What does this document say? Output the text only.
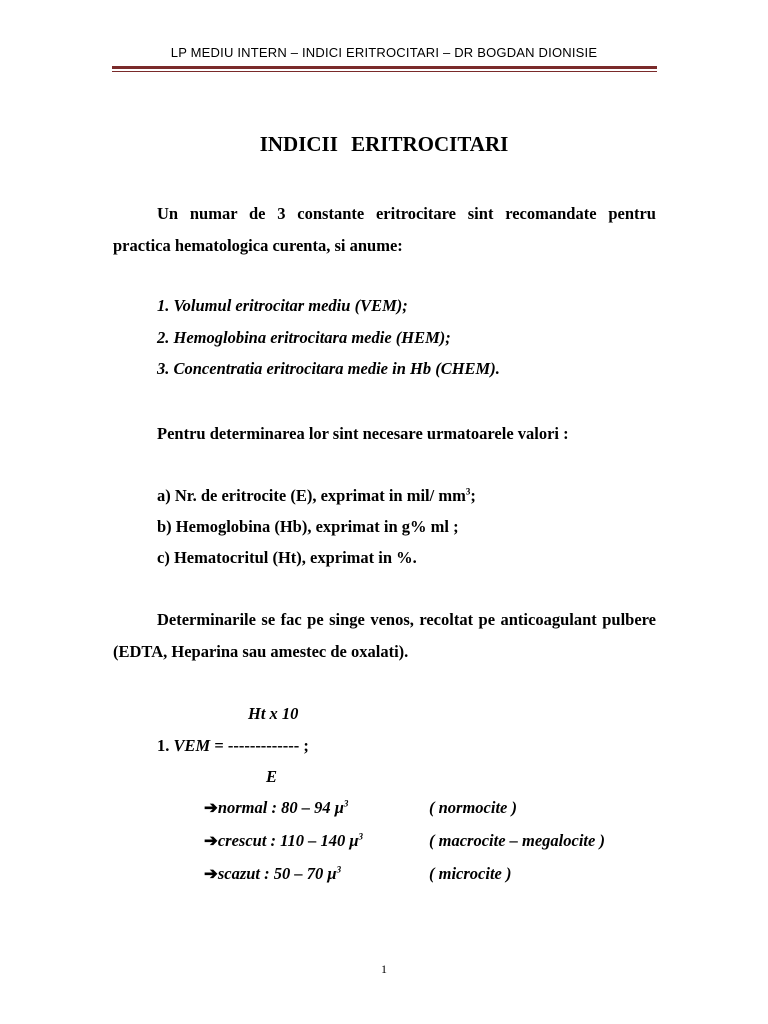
LP MEDIU INTERN – INDICI ERITROCITARI – DR BOGDAN DIONISIE
INDICII ERITROCITARI
Un numar de 3 constante eritrocitare sint recomandate pentru practica hematologica curenta, si anume:
1. Volumul eritrocitar mediu (VEM);
2. Hemoglobina eritrocitara medie (HEM);
3. Concentratia eritrocitara medie in Hb (CHEM).
Pentru determinarea lor sint necesare urmatoarele valori :
a) Nr. de eritrocite (E), exprimat in mil/ $mm^3$;
b) Hemoglobina (Hb), exprimat in g% ml ;
c) Hematocritul (Ht), exprimat in %.
Determinarile se fac pe singe venos, recoltat pe anticoagulant pulbere (EDTA, Heparina sau amestec de oxalati).
Ht x 10
1. VEM = ------------- ;
E
➔normal : 80 – 94 $\mu^3$	( normocite )
➔crescut : 110 – 140 $\mu^3$	( macrocite – megalocite )
➔scazut : 50 – 70 $\mu^3$	( microcite )
1
